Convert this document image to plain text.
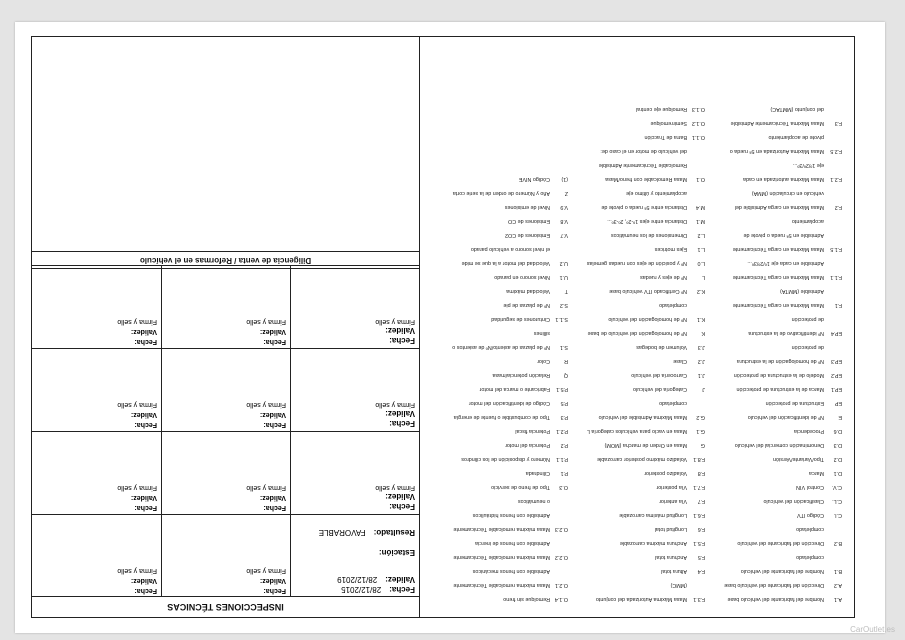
A.1
Nombre del fabricante del vehículo base
F.3.1
Masa Máxima Autorizada del conjunto
O.1.4
Remolque sin freno
A.2
Dirección del fabricante del vehículo base
(MMC)
O.2.1
Masa máxima remolcable Técnicamente
B.1
Nombre del fabricante del vehículo
F.4
Altura total
Admisible con frenos mecánicos
completado
F.5
Anchura total
O.2.2
Masa máxima remolcable Técnicamente
B.2
Dirección del fabricante del vehículo
F.5.1
Anchura máxima carrozable
Admisible con frenos de inercia
completado
F.6
Longitud total
O.2.3
Masa máxima remolcable Técnicamente
C.I.
Código ITV
F.6.1
Longitud máxima carrozable
Admisible con frenos hidráulicos
C.L.
Clasificación del vehículo
F.7
Vía anterior
o neumáticos
C.V.
Control VIN
F.7.1
Vía posterior
O.3
Tipo de freno de servicio
D.1
Marca
F.8
Voladizo posterior
P.1
Cilindrada
D.2
Tipo/Variante/Versión
F.8.1
Voladizo máximo posterior carrozable
P.1.1
Número y disposición de los cilindros
D.3
Denominación comercial del vehículo
G
Masa en Orden de marcha (MOM)
P.2
Potencia del motor
D.6
Procedencia
G.1
Masa en vacío para vehículos categoría L
P.2.1
Potencia fiscal
E
Nº de identificación del vehículo
G.2
Masa Máxima Admisible del vehículo
P.3
Tipo de combustible o fuente de energía
EP
Estructura de protección
completado
P.5
Código de identificación del motor
EP.1
Marca de la estructura de protección
J
Categoría del vehículo
P.5.1
Fabricante o marca del motor
EP.2
Modelo de la estructura de protección
J.1
Carrocería del vehículo
Q
Relación potencia/masa
EP.3
Nº de homologación de la estructura
J.2
Clase
R
Color
de protección
J.3
Volumen de bodegas
S.1
Nº de plazas de asiento/Nº de asientos o
EP.4
Nº identificativo de la estructura
K
Nº de homologación del vehículo de base
sillines
de protección
K.1
Nº de homologación del vehículo
S.1.1
Cinturones de seguridad
F.1
Masa Máxima en carga Técnicamente
completado
S.2
Nº de plazas de pie
Admisible (MMTA)
K.2
Nº Certificado ITV vehículo base
T
Velocidad máxima
F.1.1
Masa Máxima en carga Técnicamente
L
Nº de ejes y ruedas
U.1
Nivel sonoro en parado
Admisible en cada eje 1º/2º/3º...
L.0
Nº y posición de ejes con ruedas gemelas
U.2
Velocidad del motor a la que se mide
F.1.5
Masa Máxima en carga Técnicamente
L.1
Ejes motrices
el nivel sonoro a vehículo parado
Admisible en 5ª rueda o pivote de
L.2
Dimensiones de los neumáticos
V.7
Emisiones de CO2
acoplamiento
M.1
Distancia entre ejes 1º-2º, 2º-3º...
V.8
Emisiones de CO
F.2
Masa Máxima en carga Admisible del
M.4
Distancia entre 5ª rueda o pivote de
V.9
Nivel de emisiones
vehículo en circulación (MMA)
acoplamiento y último eje
Z
Año y Número de orden de la serie corta
F.2.1
Masa Máxima autorizada en cada
O.1
Masa Remolcable con freno/Masa
(1)
Código NIVE
eje 1º/2º/3º...
Remolcable Técnicamente Admisible
F.2.5
Masa Máxima Autorizada en 5ª rueda o
del vehículo de motor en el caso de:
pivote de acoplamiento
O.1.1
Barra de Tracción
F.3
Masa Máxima Técnicamente Admisible
O.1.2
Semirremolque
del conjunto (MMTAC)
O.1.3
Remolque eje central
INSPECCIONES TÉCNICAS
Fecha:28/12/2015
Validez:28/12/2019
Estación:
Resultado:FAVORABLE
Fecha:
Validez:
Firma y sello
Fecha:
Validez:
Firma y sello
Fecha:
Validez:
Firma y sello
Fecha:
Validez:
Firma y sello
Fecha:
Validez:
Firma y sello
Fecha:
Validez:
Firma y sello
Fecha:
Validez:
Firma y sello
Fecha:
Validez:
Firma y sello
Fecha:
Validez:
Firma y sello
Fecha:
Validez:
Firma y sello
Fecha:
Validez:
Firma y sello
Diligencia de venta / Reformas en el vehículo
CarOutlet.es
